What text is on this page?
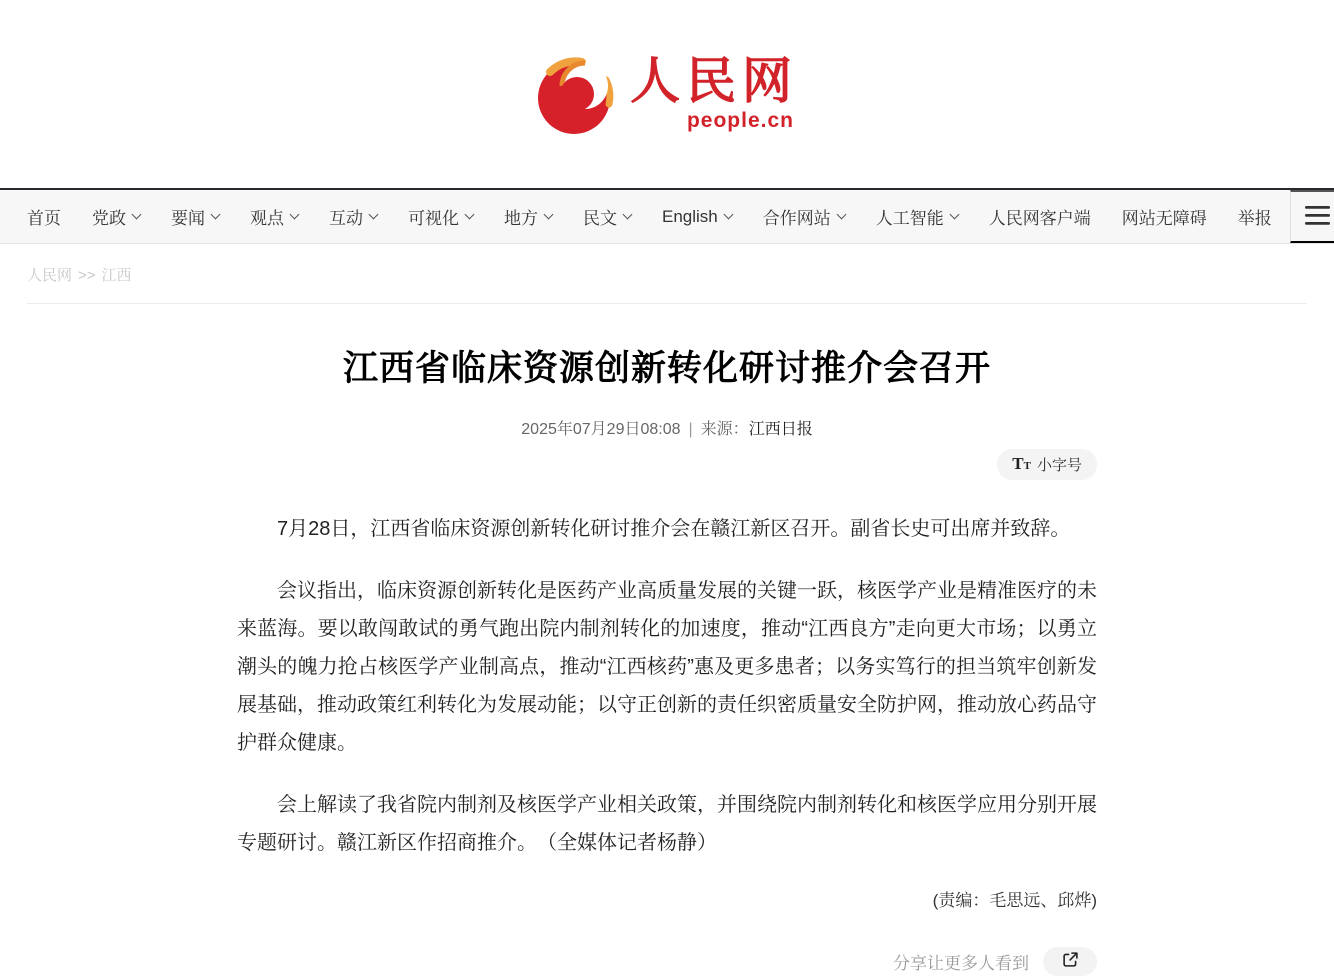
人民网
people.cn
首页 党政	要闻	观点	互动	可视化	地方	民文	English	合作网站	人工智能	人民网客户端 网站无障碍 举报
人民网 >> 江西
江西省临床资源创新转化研讨推介会召开
2025年07月29日08:08 | 来源：江西日报
TT 小字号

7月28日，江西省临床资源创新转化研讨推介会在赣江新区召开。副省长史可出席并致辞。

会议指出，临床资源创新转化是医药产业高质量发展的关键一跃，核医学产业是精准医疗的未来蓝海。要以敢闯敢试的勇气跑出院内制剂转化的加速度，推动“江西良方”走向更大市场；以勇立潮头的魄力抢占核医学产业制高点，推动“江西核药”惠及更多患者；以务实笃行的担当筑牢创新发展基础，推动政策红利转化为发展动能；以守正创新的责任织密质量安全防护网，推动放心药品守护群众健康。

会上解读了我省院内制剂及核医学产业相关政策，并围绕院内制剂转化和核医学应用分别开展专题研讨。赣江新区作招商推介。　（全媒体记者杨静）

(责编：毛思远、邱烨)
分享让更多人看到
